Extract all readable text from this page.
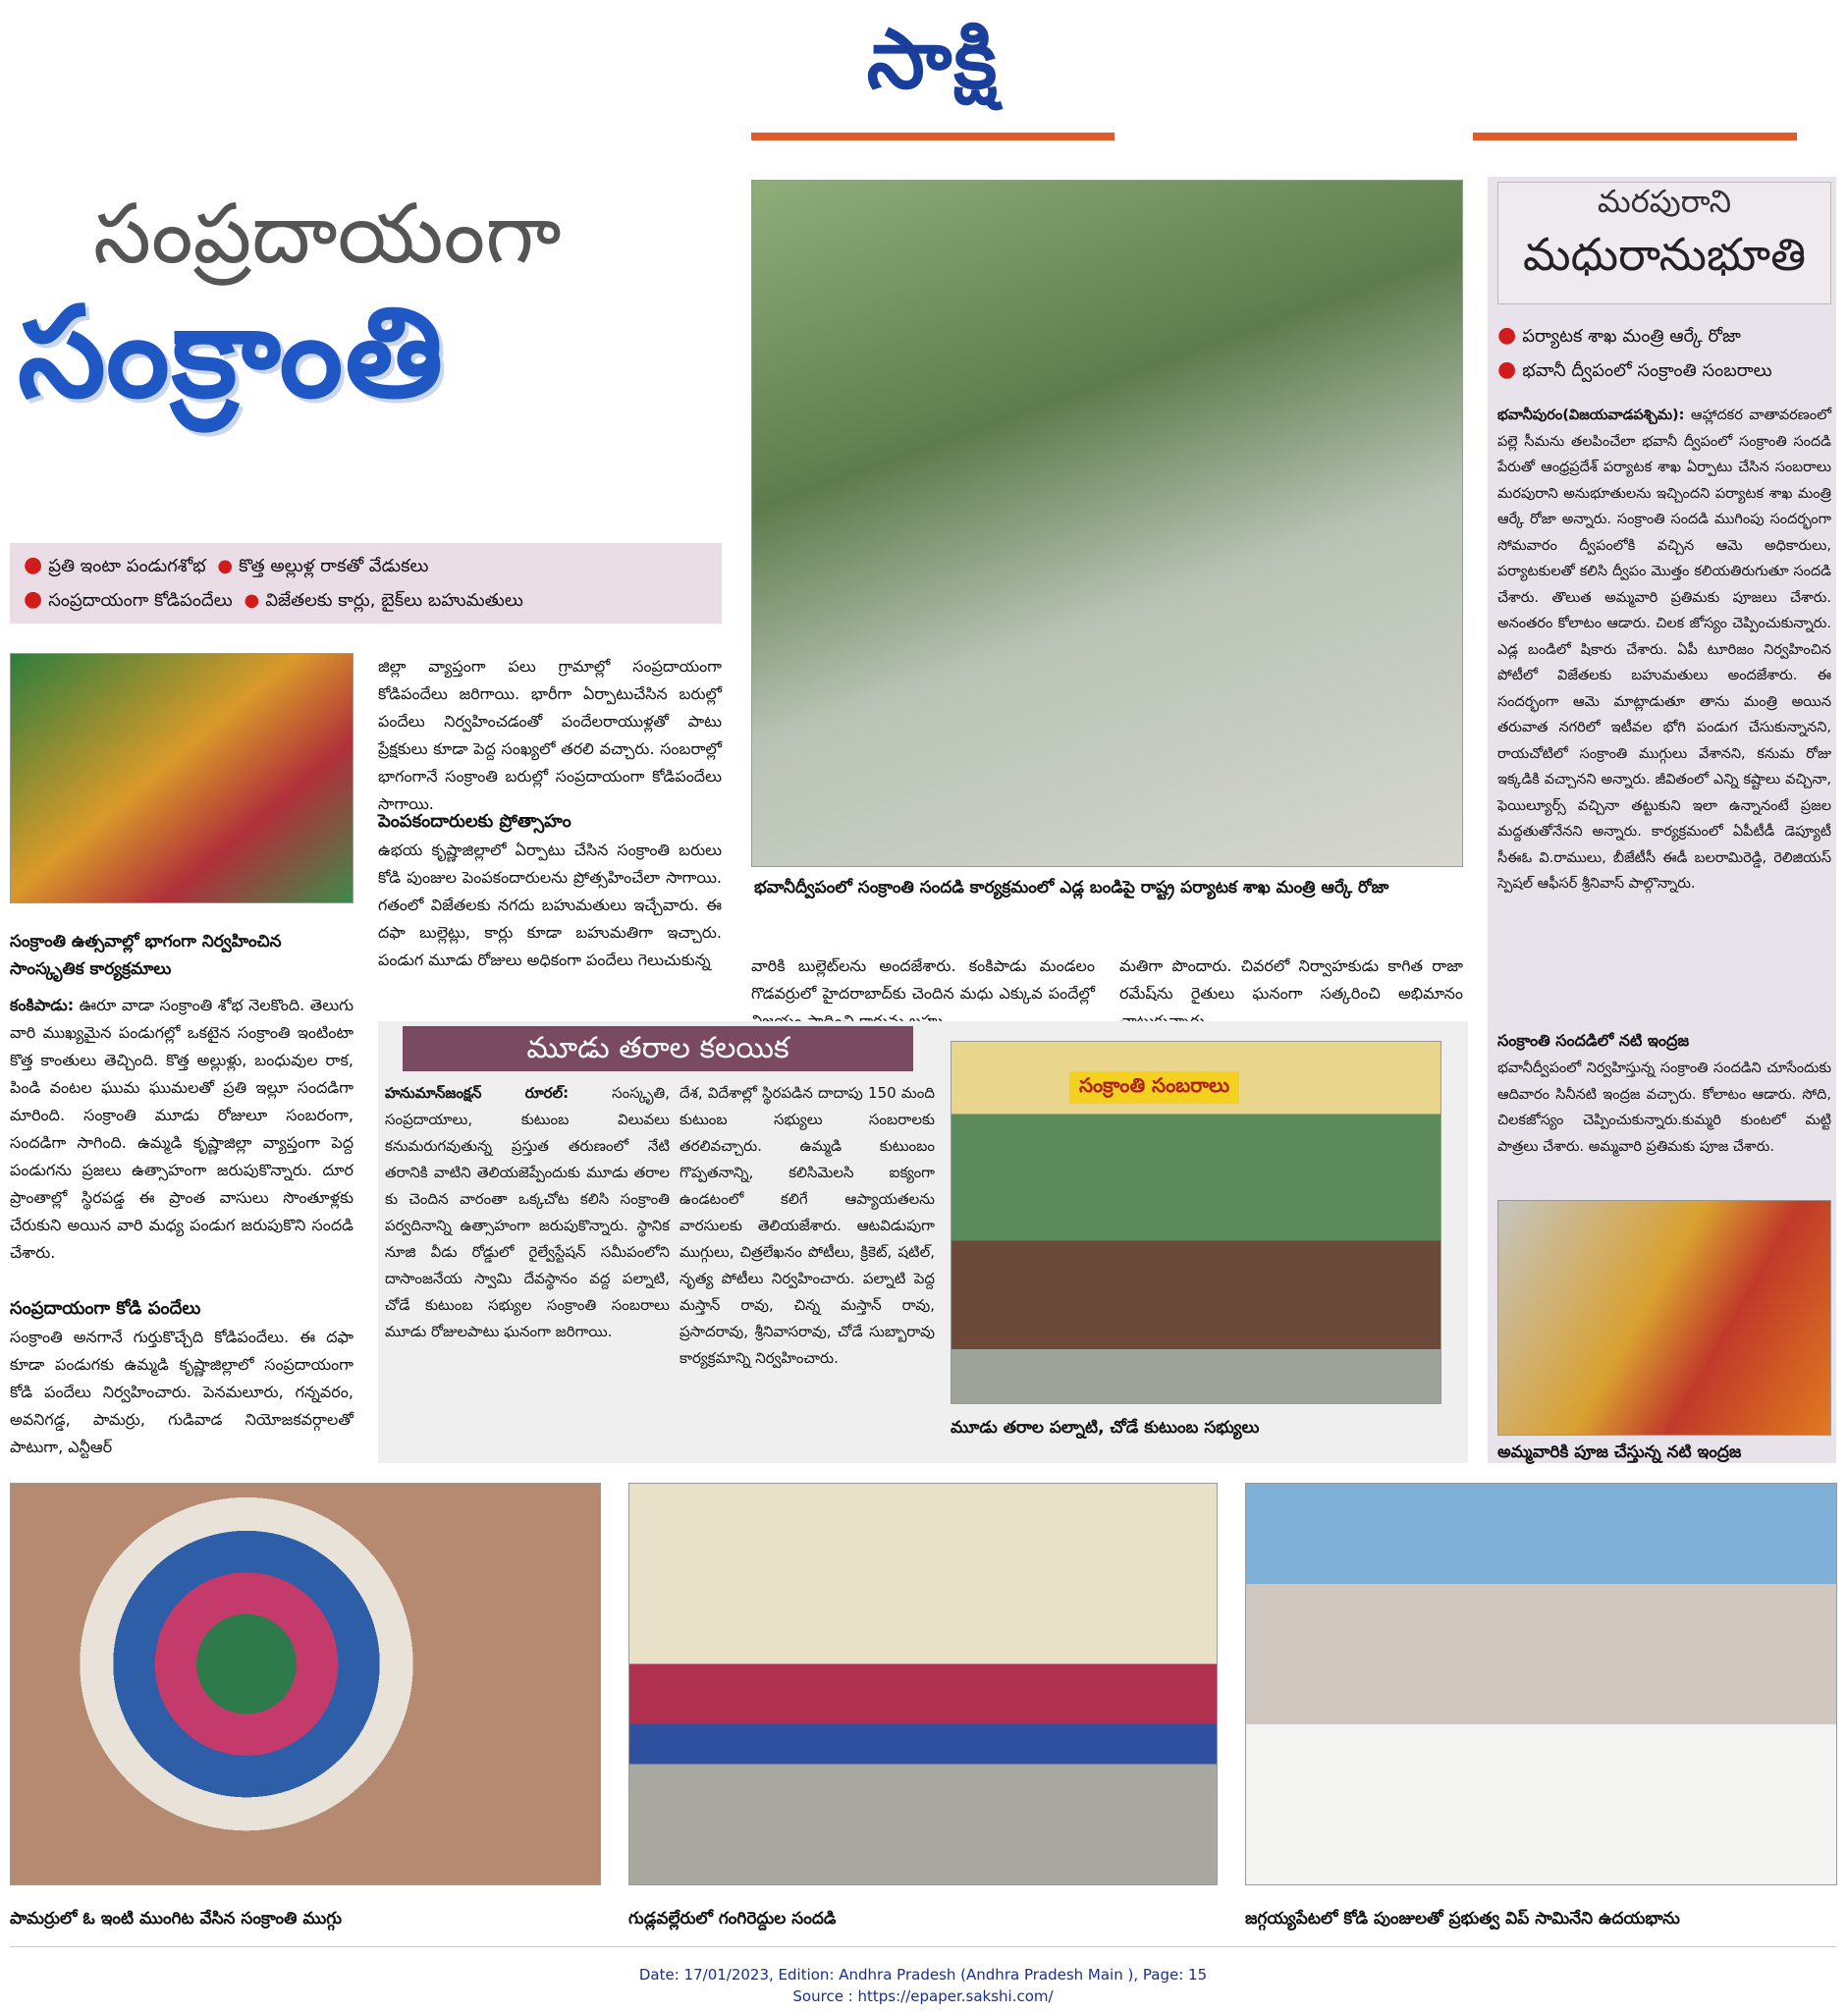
సాక్షి
సంప్రదాయంగా
సంక్రాంతి
● ప్రతి ఇంటా పండుగశోభ ● కొత్త అల్లుళ్ల రాకతో వేడుకలు
● సంప్రదాయంగా కోడిపందేలు ● విజేతలకు కార్లు, బైక్‌లు బహుమతులు
భవానీద్వీపంలో సంక్రాంతి సందడి కార్యక్రమంలో ఎడ్ల బండిపై రాష్ట్ర పర్యాటక శాఖ మంత్రి ఆర్కే రోజా
సంక్రాంతి ఉత్సవాల్లో భాగంగా నిర్వహించిన సాంస్కృతిక కార్యక్రమాలు
జిల్లా వ్యాప్తంగా పలు గ్రామాల్లో సంప్రదాయంగా కోడిపందేలు జరిగాయి. భారీగా ఏర్పాటుచేసిన బరుల్లో పందేలు నిర్వహించడంతో పందేలరాయుళ్లతో పాటు ప్రేక్షకులు కూడా పెద్ద సంఖ్యలో తరలి వచ్చారు. సంబరాల్లో భాగంగానే సంక్రాంతి బరుల్లో సంప్రదాయంగా కోడిపందేలు సాగాయి.
పెంపకందారులకు ప్రోత్సాహం
ఉభయ కృష్ణాజిల్లాలో ఏర్పాటు చేసిన సంక్రాంతి బరులు కోడి పుంజుల పెంపకందారులను ప్రోత్సహించేలా సాగాయి. గతంలో విజేతలకు నగదు బహుమతులు ఇచ్చేవారు. ఈ దఫా బుల్లెట్లు, కార్లు కూడా బహుమతిగా ఇచ్చారు. పండుగ మూడు రోజులు అధికంగా పందేలు గెలుచుకున్న	వారికి బుల్లెట్‌లను అందజేశారు. కంకిపాడు మండలం గొడవర్రులో హైదరాబాద్‌కు చెందిన మధు ఎక్కువ పందేల్లో
మతిగా పొందారు. చివరలో నిర్వాహకుడు కాగిత రాజా రమేష్‌ను రైతులు ఘనంగా సత్కరించి అభిమానం
కంకిపాడు: ఊరూ వాడా సంక్రాంతి శోభ నెలకొంది. తెలుగు వారి ముఖ్యమైన పండుగల్లో ఒకటైన సంక్రాంతి ఇంటింటా కొత్త కాంతులు తెచ్చింది. కొత్త అల్లుళ్లు, బంధువుల రాక, పిండి వంటల ఘుమ ఘుమలతో ప్రతి ఇల్లూ సందడిగా మారింది. సంక్రాంతి మూడు రోజులూ సంబరంగా, సందడిగా సాగింది. ఉమ్మడి కృష్ణాజిల్లా వ్యాప్తంగా పెద్ద పండుగను ప్రజలు ఉత్సాహంగా జరుపుకొన్నారు. దూర ప్రాంతాల్లో స్థిరపడ్డ ఈ ప్రాంత వాసులు సొంతూళ్లకు చేరుకుని అయిన వారి మధ్య పండుగ జరుపుకొని సందడి చేశారు.
సంప్రదాయంగా కోడి పందేలు
సంక్రాంతి అనగానే గుర్తుకొచ్చేది కోడిపందేలు. ఈ దఫా కూడా పండుగకు ఉమ్మడి కృష్ణాజిల్లాలో సంప్రదాయంగా కోడి పందేలు నిర్వహించారు. పెనమలూరు, గన్నవరం, అవనిగడ్డ, పామర్రు, గుడివాడ నియోజకవర్గాలతో పాటుగా, ఎన్టీఆర్
మూడు తరాల కలయిక
హనుమాన్‌జంక్షన్‌ రూరల్‌:	సంస్కృతి, సంప్రదాయాలు, కుటుంబ విలువలు కనుమరుగవుతున్న ప్రస్తుత తరుణంలో నేటి తరానికి వాటిని తెలియజెప్పేందుకు మూడు తరాల కు చెందిన వారంతా ఒక్కచోట కలిసి సంక్రాంతి పర్వదినాన్ని ఉత్సాహంగా జరుపుకొన్నారు. స్థానిక నూజి వీడు రోడ్డులో రైల్వేస్టేషన్‌ సమీపంలోని దాసాంజనేయ స్వామి దేవస్థానం వద్ద పల్నాటి, చోడే కుటుంబ సభ్యుల సంక్రాంతి సంబరాలు మూడు రోజులపాటు ఘనంగా జరిగాయి.
దేశ, విదేశాల్లో స్థిరపడిన దాదాపు 150 మంది కుటుంబ సభ్యులు సంబరాలకు తరలివచ్చారు. ఉమ్మడి కుటుంబం గొప్పతనాన్ని, కలిసిమెలసి ఐక్యంగా ఉండటంలో కలిగే ఆప్యాయతలను వారసులకు తెలియజేశారు. ఆటవిడుపుగా ముగ్గులు, చిత్రలేఖనం పోటీలు, క్రికెట్‌, షటిల్‌, నృత్య పోటీలు నిర్వహించారు. పల్నాటి పెద్ద మస్తాన్‌ రావు, చిన్న మస్తాన్‌ రావు, ప్రసాదరావు, శ్రీనివాసరావు, చోడే సుబ్బారావు కార్యక్రమాన్ని నిర్వహించారు.
సంక్రాంతి సంబరాలు
మూడు తరాల పల్నాటి, చోడే కుటుంబ సభ్యులు
మరపురాని
మధురానుభూతి
● పర్యాటక శాఖ మంత్రి ఆర్కే రోజా
● భవానీ ద్వీపంలో సంక్రాంతి సంబరాలు
భవానీపురం(విజయవాడపశ్చిమ): ఆహ్లాదకర వాతావరణంలో పల్లె సీమను తలపించేలా భవానీ ద్వీపంలో సంక్రాంతి సందడి పేరుతో ఆంధ్రప్రదేశ్‌ పర్యాటక శాఖ ఏర్పాటు చేసిన సంబరాలు మరపురాని అనుభూతులను ఇచ్చిందని పర్యాటక శాఖ మంత్రి ఆర్కే రోజా అన్నారు. సంక్రాంతి సందడి ముగింపు సందర్భంగా సోమవారం ద్వీపంలోకి వచ్చిన ఆమె అధికారులు, పర్యాటకులతో కలిసి ద్వీపం మొత్తం కలియతిరుగుతూ సందడి చేశారు. తొలుత అమ్మవారి ప్రతిమకు పూజలు చేశారు. అనంతరం కోలాటం ఆడారు. చిలక జోస్యం చెప్పించుకున్నారు. ఎడ్ల బండిలో షికారు చేశారు. ఏపీ టూరిజం నిర్వహించిన పోటీలో విజేతలకు బహుమతులు అందజేశారు. ఈ సందర్భంగా ఆమె మాట్లాడుతూ తాను మంత్రి అయిన తరువాత నగరిలో ఇటీవల భోగి పండుగ చేసుకున్నానని, రాయచోటిలో సంక్రాంతి ముగ్గులు వేశానని, కనుమ రోజు ఇక్కడికి వచ్చానని అన్నారు. జీవితంలో ఎన్ని కష్టాలు వచ్చినా, ఫెయిల్యూర్స్‌ వచ్చినా తట్టుకుని ఇలా ఉన్నానంటే ప్రజల మద్దతుతోనేనని అన్నారు. కార్యక్రమంలో ఏపీటీడీ డెప్యూటీ సీఈఓ వి.రాములు, బీజేటీసీ ఈడీ బలరామిరెడ్డి, రెలిజియస్‌ స్పెషల్‌ ఆఫీసర్‌ శ్రీనివాస్‌ పాల్గొన్నారు.
సంక్రాంతి సందడిలో నటి ఇంద్రజ
భవానీద్వీపంలో నిర్వహిస్తున్న సంక్రాంతి సందడిని చూసేందుకు ఆదివారం సినీనటి ఇంద్రజ వచ్చారు. కోలాటం ఆడారు. సోది, చిలకజోస్యం చెప్పించుకున్నారు.కుమ్మరి కుంటలో మట్టి పాత్రలు చేశారు. అమ్మవారి ప్రతిమకు పూజ చేశారు.
అమ్మవారికి పూజ చేస్తున్న నటి ఇంద్రజ
పామర్రులో ఓ ఇంటి ముంగిట వేసిన సంక్రాంతి ముగ్గు	గుడ్లవల్లేరులో గంగిరెద్దుల సందడి	జగ్గయ్యపేటలో కోడి పుంజులతో ప్రభుత్వ విప్‌ సామినేని ఉదయభాను
Date: 17/01/2023, Edition: Andhra Pradesh (Andhra Pradesh Main ), Page: 15
Source : https://epaper.sakshi.com/
